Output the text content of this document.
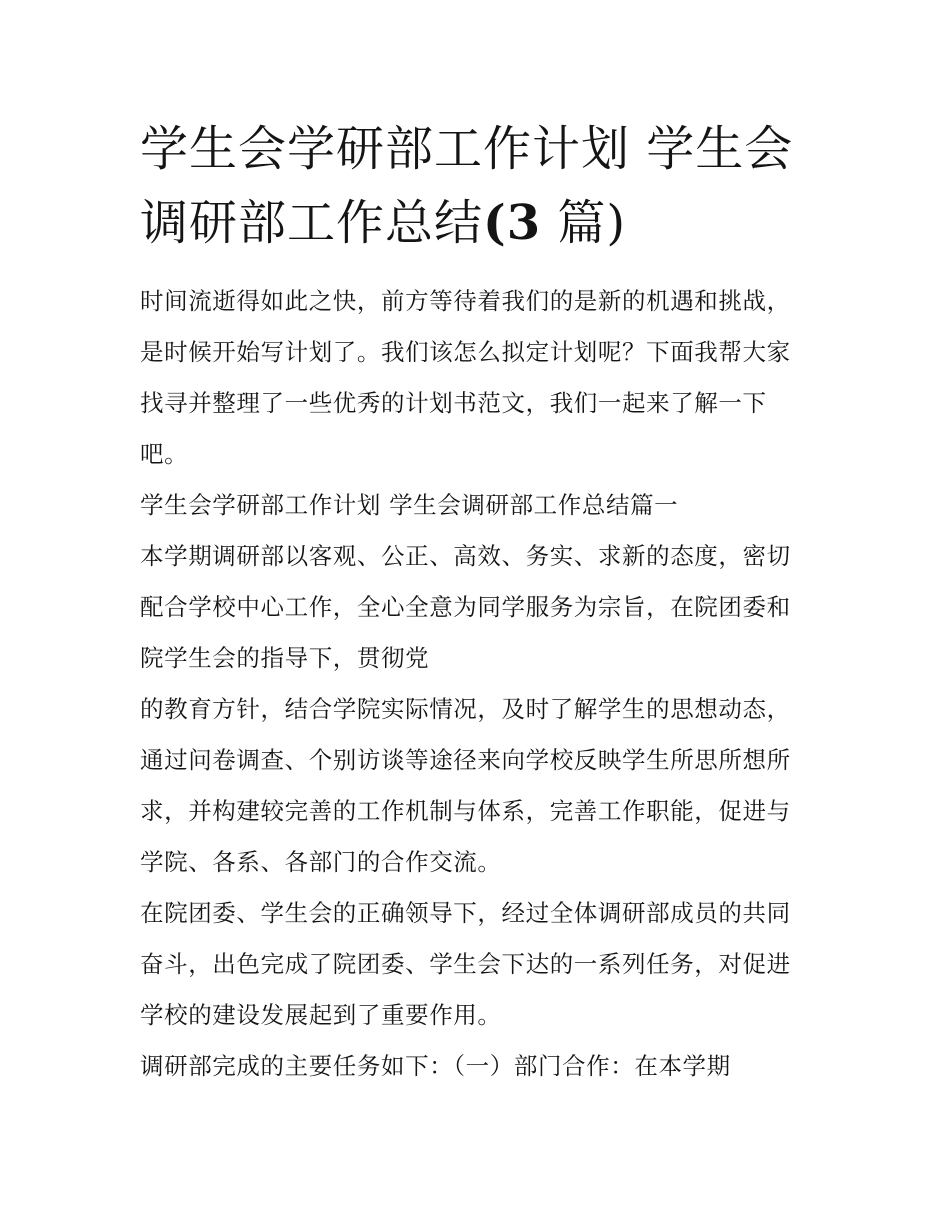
学生会学研部工作计划 学生会
调研部工作总结(3 篇)
时间流逝得如此之快，前方等待着我们的是新的机遇和挑战，
是时候开始写计划了。我们该怎么拟定计划呢？下面我帮大家
找寻并整理了一些优秀的计划书范文，我们一起来了解一下
吧。
学生会学研部工作计划 学生会调研部工作总结篇一
本学期调研部以客观、公正、高效、务实、求新的态度，密切
配合学校中心工作，全心全意为同学服务为宗旨，在院团委和
院学生会的指导下，贯彻党
的教育方针，结合学院实际情况，及时了解学生的思想动态，
通过问卷调查、个别访谈等途径来向学校反映学生所思所想所
求，并构建较完善的工作机制与体系，完善工作职能，促进与
学院、各系、各部门的合作交流。
在院团委、学生会的正确领导下，经过全体调研部成员的共同
奋斗，出色完成了院团委、学生会下达的一系列任务，对促进
学校的建设发展起到了重要作用。
调研部完成的主要任务如下：（一）部门合作：在本学期
